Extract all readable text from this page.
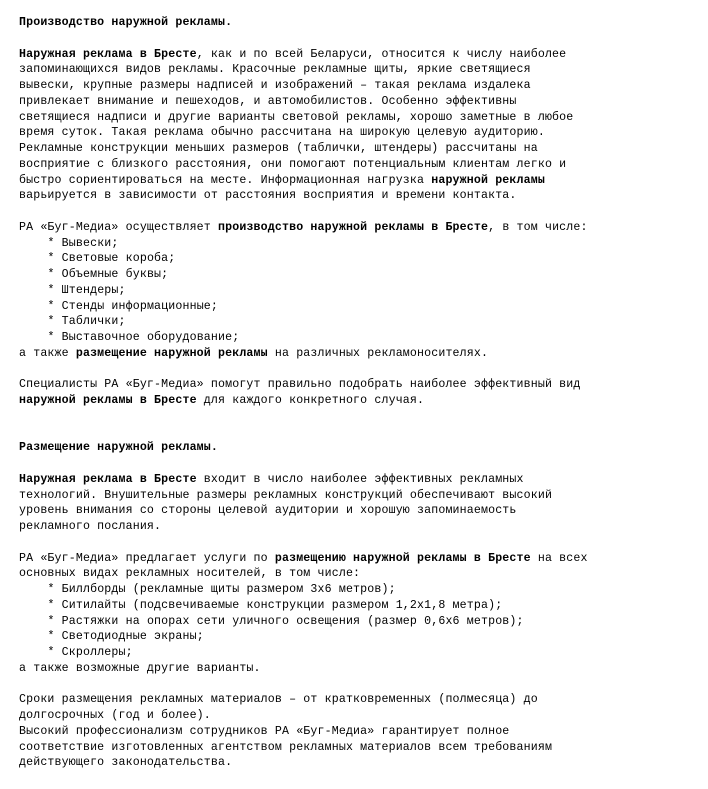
Производство наружной рекламы.
Наружная реклама в Бресте, как и по всей Беларуси, относится к числу наиболее
запоминающихся видов рекламы. Красочные рекламные щиты, яркие светящиеся
вывески, крупные размеры надписей и изображений – такая реклама издалека
привлекает внимание и пешеходов, и автомобилистов. Особенно эффективны
светящиеся надписи и другие варианты световой рекламы, хорошо заметные в любое
время суток. Такая реклама обычно рассчитана на широкую целевую аудиторию.
Рекламные конструкции меньших размеров (таблички, штендеры) рассчитаны на
восприятие с близкого расстояния, они помогают потенциальным клиентам легко и
быстро сориентироваться на месте. Информационная нагрузка наружной рекламы
варьируется в зависимости от расстояния восприятия и времени контакта.
РА «Буг-Медиа» осуществляет производство наружной рекламы в Бресте, в том числе:
* Вывески;
* Световые короба;
* Объемные буквы;
* Штендеры;
* Стенды информационные;
* Таблички;
* Выставочное оборудование;
а также размещение наружной рекламы на различных рекламоносителях.
Специалисты РА «Буг-Медиа» помогут правильно подобрать наиболее эффективный вид
наружной рекламы в Бресте для каждого конкретного случая.
Размещение наружной рекламы.
Наружная реклама в Бресте входит в число наиболее эффективных рекламных
технологий. Внушительные размеры рекламных конструкций обеспечивают высокий
уровень внимания со стороны целевой аудитории и хорошую запоминаемость
рекламного послания.
РА «Буг-Медиа» предлагает услуги по размещению наружной рекламы в Бресте на всех
основных видах рекламных носителей, в том числе:
* Биллборды (рекламные щиты размером 3х6 метров);
* Ситилайты (подсвечиваемые конструкции размером 1,2х1,8 метра);
* Растяжки на опорах сети уличного освещения (размер 0,6х6 метров);
* Светодиодные экраны;
* Скроллеры;
а также возможные другие варианты.
Сроки размещения рекламных материалов – от кратковременных (полмесяца) до
долгосрочных (год и более).
Высокий профессионализм сотрудников РА «Буг-Медиа» гарантирует полное
соответствие изготовленных агентством рекламных материалов всем требованиям
действующего законодательства.
